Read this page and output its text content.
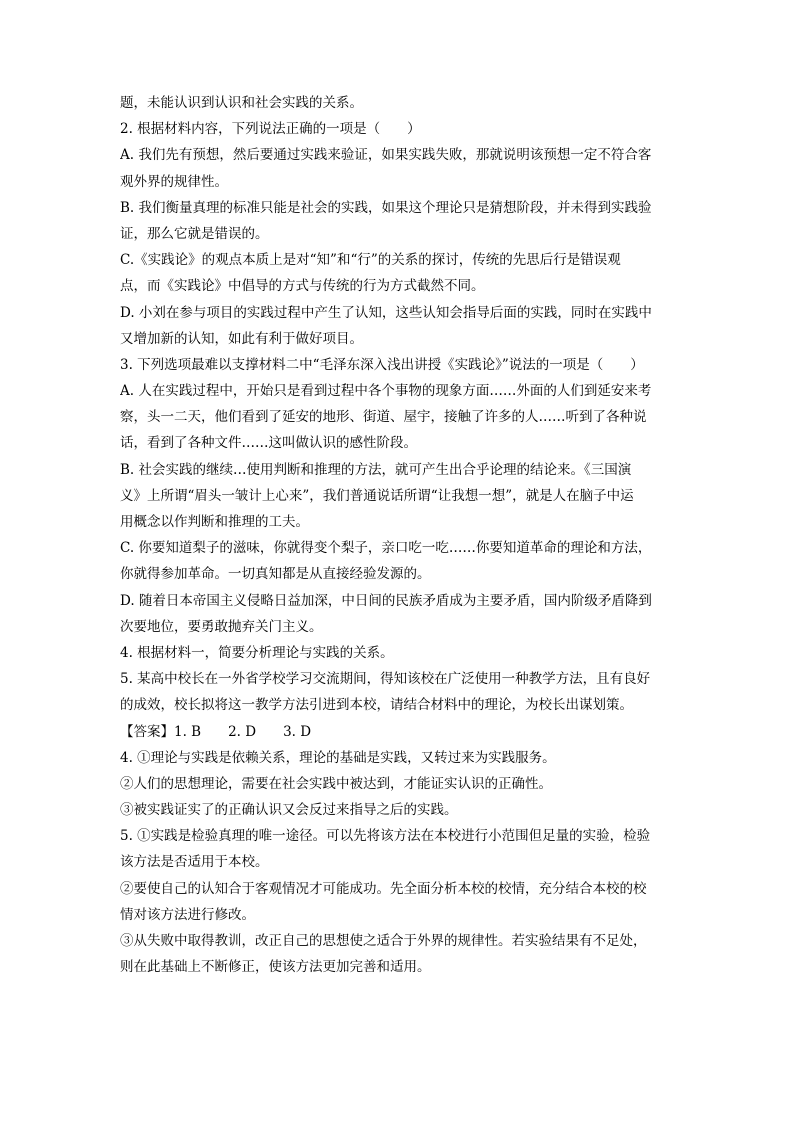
题，未能认识到认识和社会实践的关系。
2. 根据材料内容，下列说法正确的一项是（　　）
A. 我们先有预想，然后要通过实践来验证，如果实践失败，那就说明该预想一定不符合客
观外界的规律性。
B. 我们衡量真理的标准只能是社会的实践，如果这个理论只是猜想阶段，并未得到实践验
证，那么它就是错误的。
C.《实践论》的观点本质上是对“知”和“行”的关系的探讨，传统的先思后行是错误观
点，而《实践论》中倡导的方式与传统的行为方式截然不同。
D. 小刘在参与项目的实践过程中产生了认知，这些认知会指导后面的实践，同时在实践中
又增加新的认知，如此有利于做好项目。
3. 下列选项最难以支撑材料二中“毛泽东深入浅出讲授《实践论》”说法的一项是（　　）
A. 人在实践过程中，开始只是看到过程中各个事物的现象方面……外面的人们到延安来考
察，头一二天，他们看到了延安的地形、街道、屋宇，接触了许多的人……听到了各种说
话，看到了各种文件……这叫做认识的感性阶段。
B. 社会实践的继续…使用判断和推理的方法，就可产生出合乎论理的结论来。《三国演
义》上所谓“眉头一皱计上心来”，我们普通说话所谓“让我想一想”，就是人在脑子中运
用概念以作判断和推理的工夫。
C. 你要知道梨子的滋味，你就得变个梨子，亲口吃一吃……你要知道革命的理论和方法，
你就得参加革命。一切真知都是从直接经验发源的。
D. 随着日本帝国主义侵略日益加深，中日间的民族矛盾成为主要矛盾，国内阶级矛盾降到
次要地位，要勇敢抛弃关门主义。
4. 根据材料一，简要分析理论与实践的关系。
5. 某高中校长在一外省学校学习交流期间，得知该校在广泛使用一种教学方法，且有良好
的成效，校长拟将这一教学方法引进到本校，请结合材料中的理论，为校长出谋划策。
【答案】1. B　　2. D　　3. D
4. ①理论与实践是依赖关系，理论的基础是实践，又转过来为实践服务。
②人们的思想理论，需要在社会实践中被达到，才能证实认识的正确性。
③被实践证实了的正确认识又会反过来指导之后的实践。
5. ①实践是检验真理的唯一途径。可以先将该方法在本校进行小范围但足量的实验，检验
该方法是否适用于本校。
②要使自己的认知合于客观情况才可能成功。先全面分析本校的校情，充分结合本校的校
情对该方法进行修改。
③从失败中取得教训，改正自己的思想使之适合于外界的规律性。若实验结果有不足处，
则在此基础上不断修正，使该方法更加完善和适用。
